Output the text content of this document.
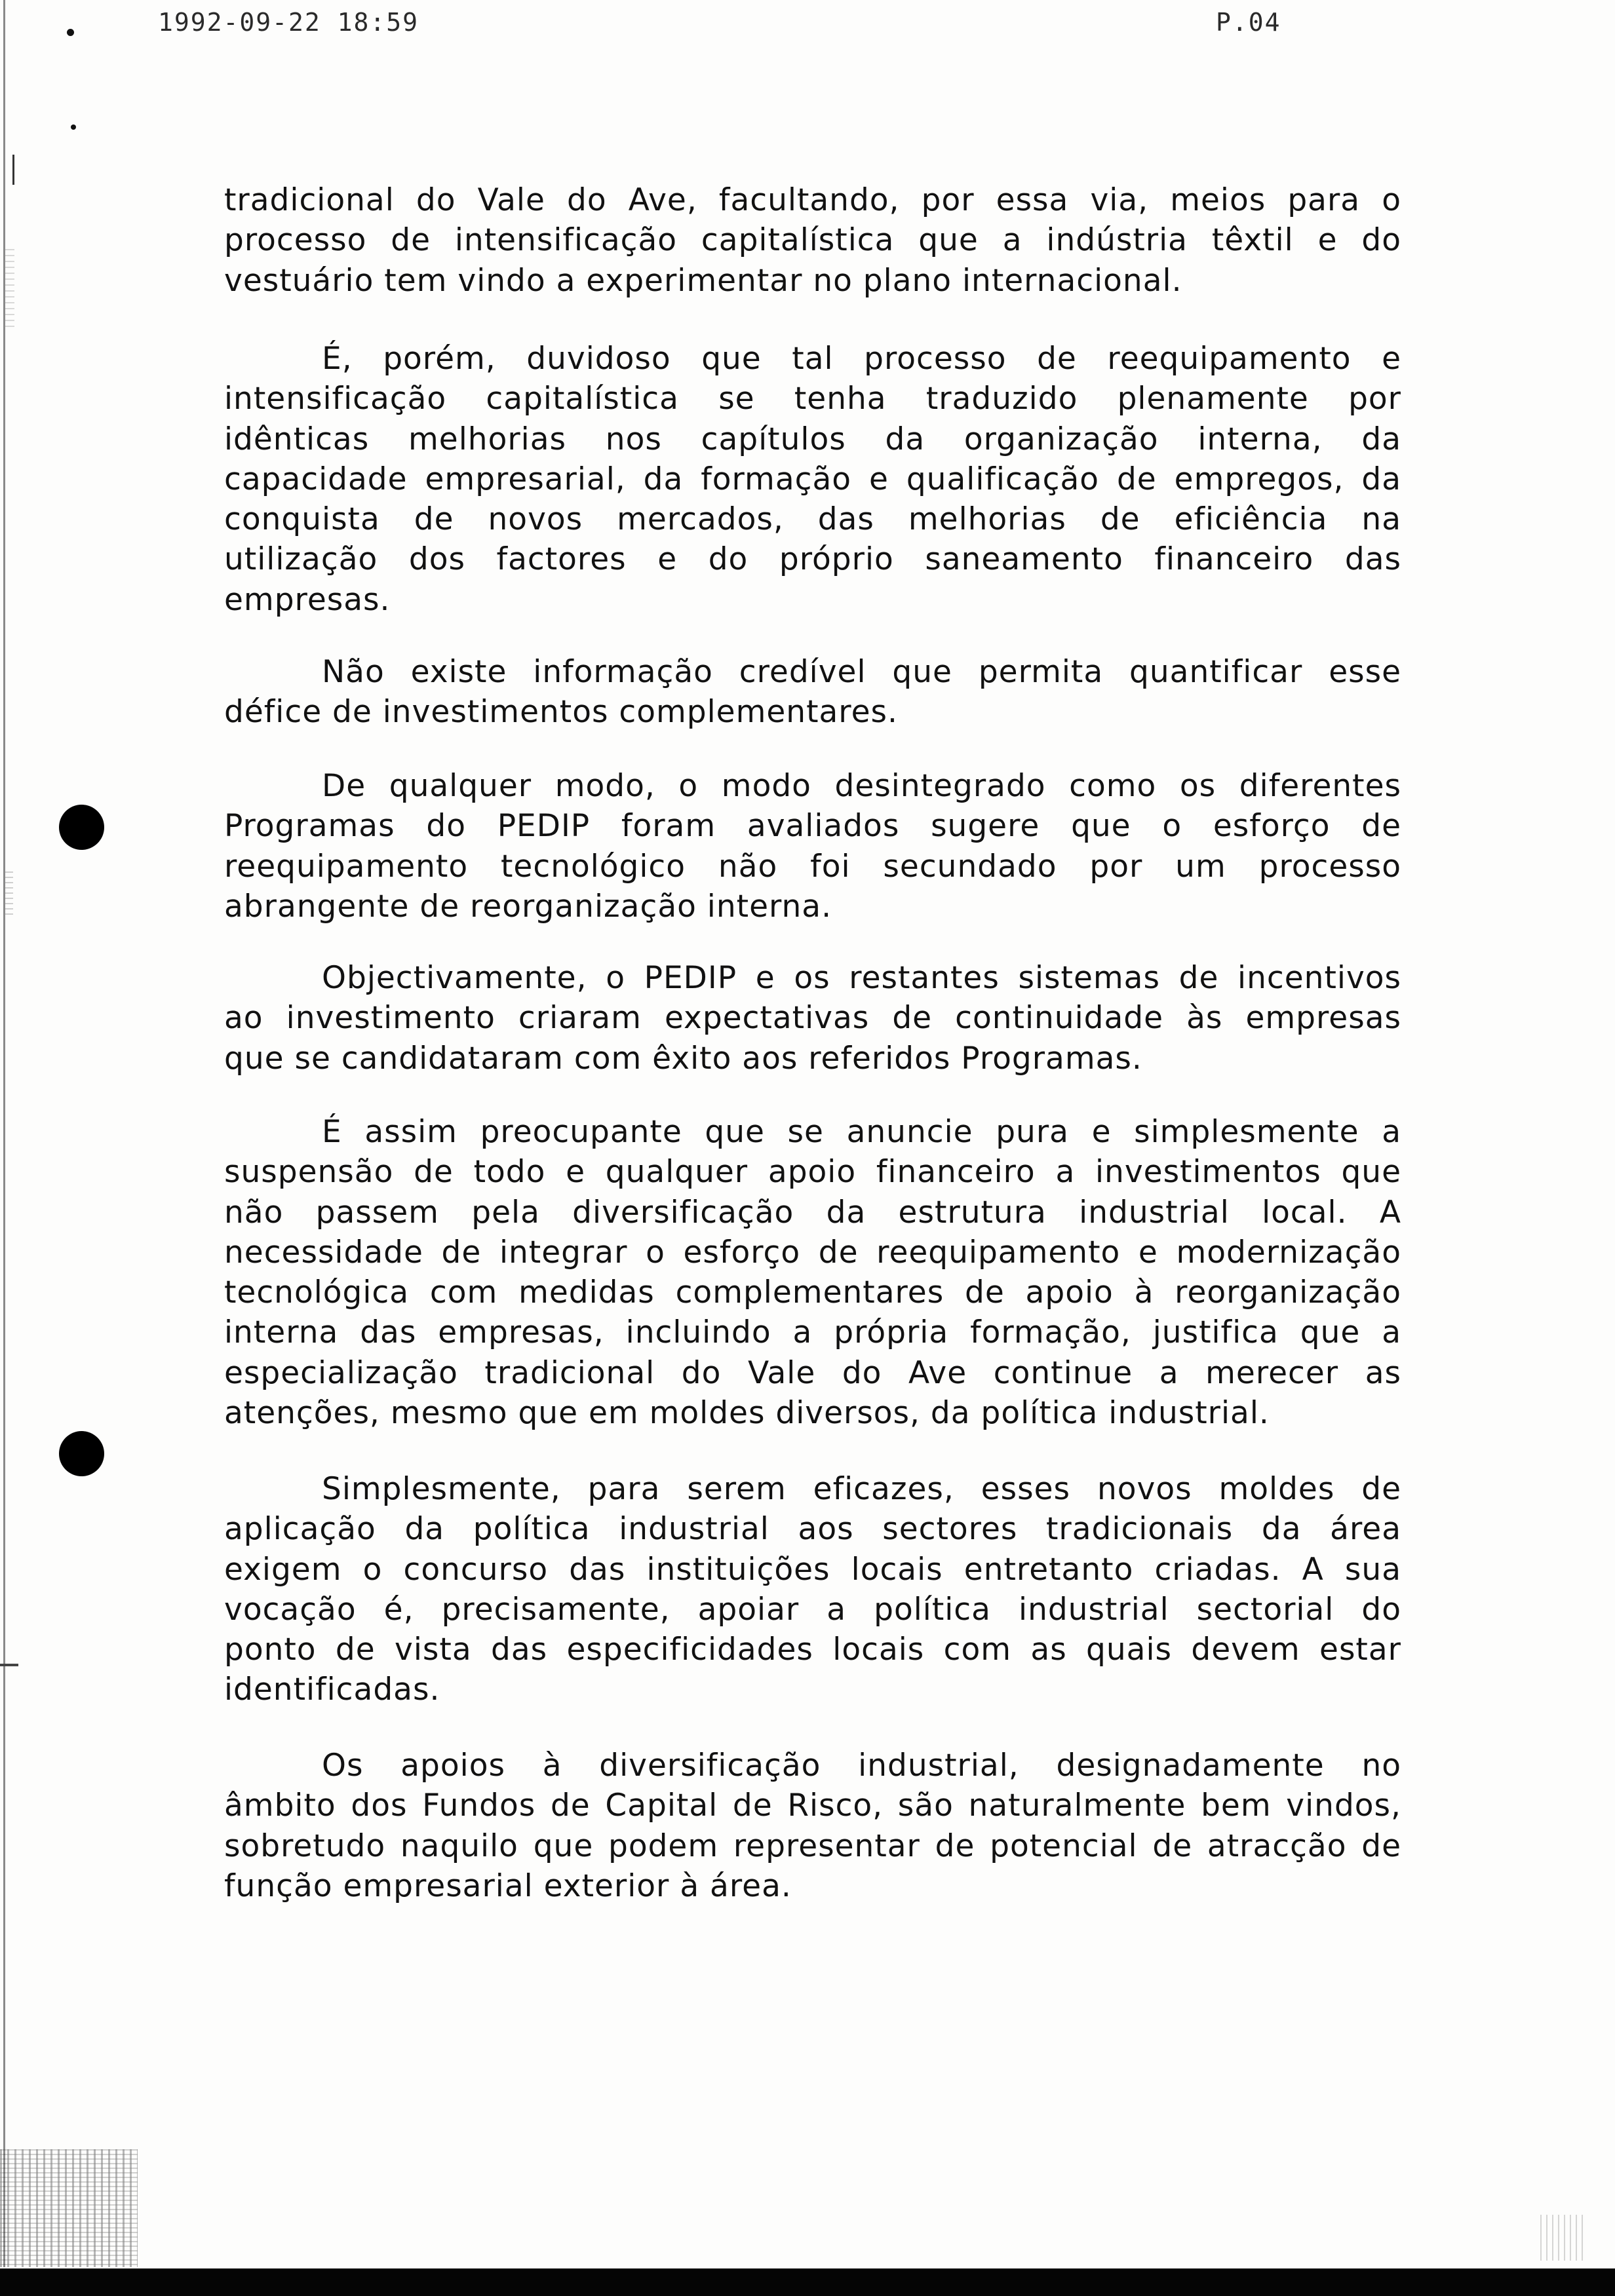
1992-09-22 18:59	P.04
tradicional do Vale do Ave, facultando, por essa via, meios para o
processo de intensificação capitalística que a indústria têxtil e do
vestuário tem vindo a experimentar no plano internacional.
É, porém, duvidoso que tal processo de reequipamento e
intensificação capitalística se tenha traduzido plenamente por
idênticas melhorias nos capítulos da organização interna, da
capacidade empresarial, da formação e qualificação de empregos, da
conquista de novos mercados, das melhorias de eficiência na
utilização dos factores e do próprio saneamento financeiro das
empresas.
Não existe informação credível que permita quantificar esse
défice de investimentos complementares.
De qualquer modo, o modo desintegrado como os diferentes
Programas do PEDIP foram avaliados sugere que o esforço de
reequipamento tecnológico não foi secundado por um processo
abrangente de reorganização interna.
Objectivamente, o PEDIP e os restantes sistemas de incentivos
ao investimento criaram expectativas de continuidade às empresas
que se candidataram com êxito aos referidos Programas.
É assim preocupante que se anuncie pura e simplesmente a
suspensão de todo e qualquer apoio financeiro a investimentos que
não passem pela diversificação da estrutura industrial local. A
necessidade de integrar o esforço de reequipamento e modernização
tecnológica com medidas complementares de apoio à reorganização
interna das empresas, incluindo a própria formação, justifica que a
especialização tradicional do Vale do Ave continue a merecer as
atenções, mesmo que em moldes diversos, da política industrial.
Simplesmente, para serem eficazes, esses novos moldes de
aplicação da política industrial aos sectores tradicionais da área
exigem o concurso das instituições locais entretanto criadas. A sua
vocação é, precisamente, apoiar a política industrial sectorial do
ponto de vista das especificidades locais com as quais devem estar
identificadas.
Os apoios à diversificação industrial, designadamente no
âmbito dos Fundos de Capital de Risco, são naturalmente bem vindos,
sobretudo naquilo que podem representar de potencial de atracção de
função empresarial exterior à área.
